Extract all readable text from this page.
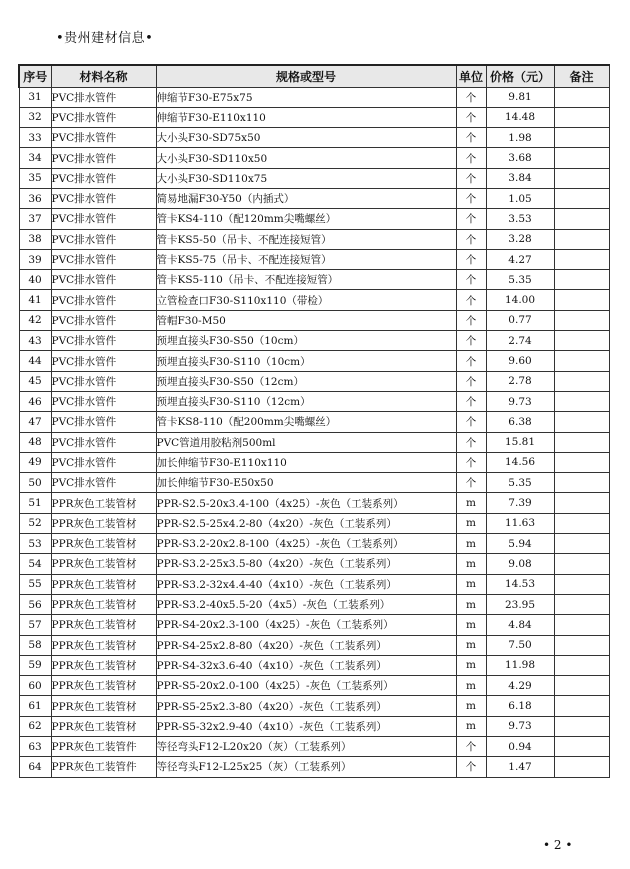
•贵州建材信息•
序号	材料名称	规格或型号	单位	价格（元）	备注
31	PVC排水管件	伸缩节F30-E75x75	个	9.81	
32	PVC排水管件	伸缩节F30-E110x110	个	14.48	
33	PVC排水管件	大小头F30-SD75x50	个	1.98	
34	PVC排水管件	大小头F30-SD110x50	个	3.68	
35	PVC排水管件	大小头F30-SD110x75	个	3.84	
36	PVC排水管件	简易地漏F30-Y50（内插式）	个	1.05	
37	PVC排水管件	管卡KS4-110（配120mm尖嘴螺丝）	个	3.53	
38	PVC排水管件	管卡KS5-50（吊卡、不配连接短管）	个	3.28	
39	PVC排水管件	管卡KS5-75（吊卡、不配连接短管）	个	4.27	
40	PVC排水管件	管卡KS5-110（吊卡、不配连接短管）	个	5.35	
41	PVC排水管件	立管检查口F30-S110x110（带检）	个	14.00	
42	PVC排水管件	管帽F30-M50	个	0.77	
43	PVC排水管件	预埋直接头F30-S50（10cm）	个	2.74	
44	PVC排水管件	预埋直接头F30-S110（10cm）	个	9.60	
45	PVC排水管件	预埋直接头F30-S50（12cm）	个	2.78	
46	PVC排水管件	预埋直接头F30-S110（12cm）	个	9.73	
47	PVC排水管件	管卡KS8-110（配200mm尖嘴螺丝）	个	6.38	
48	PVC排水管件	PVC管道用胶粘剂500ml	个	15.81	
49	PVC排水管件	加长伸缩节F30-E110x110	个	14.56	
50	PVC排水管件	加长伸缩节F30-E50x50	个	5.35	
51	PPR灰色工装管材	PPR-S2.5-20x3.4-100（4x25）-灰色（工装系列）	m	7.39	
52	PPR灰色工装管材	PPR-S2.5-25x4.2-80（4x20）-灰色（工装系列）	m	11.63	
53	PPR灰色工装管材	PPR-S3.2-20x2.8-100（4x25）-灰色（工装系列）	m	5.94	
54	PPR灰色工装管材	PPR-S3.2-25x3.5-80（4x20）-灰色（工装系列）	m	9.08	
55	PPR灰色工装管材	PPR-S3.2-32x4.4-40（4x10）-灰色（工装系列）	m	14.53	
56	PPR灰色工装管材	PPR-S3.2-40x5.5-20（4x5）-灰色（工装系列）	m	23.95	
57	PPR灰色工装管材	PPR-S4-20x2.3-100（4x25）-灰色（工装系列）	m	4.84	
58	PPR灰色工装管材	PPR-S4-25x2.8-80（4x20）-灰色（工装系列）	m	7.50	
59	PPR灰色工装管材	PPR-S4-32x3.6-40（4x10）-灰色（工装系列）	m	11.98	
60	PPR灰色工装管材	PPR-S5-20x2.0-100（4x25）-灰色（工装系列）	m	4.29	
61	PPR灰色工装管材	PPR-S5-25x2.3-80（4x20）-灰色（工装系列）	m	6.18	
62	PPR灰色工装管材	PPR-S5-32x2.9-40（4x10）-灰色（工装系列）	m	9.73	
63	PPR灰色工装管件	等径弯头F12-L20x20（灰）（工装系列）	个	0.94	
64	PPR灰色工装管件	等径弯头F12-L25x25（灰）（工装系列）	个	1.47	
• 2 •
